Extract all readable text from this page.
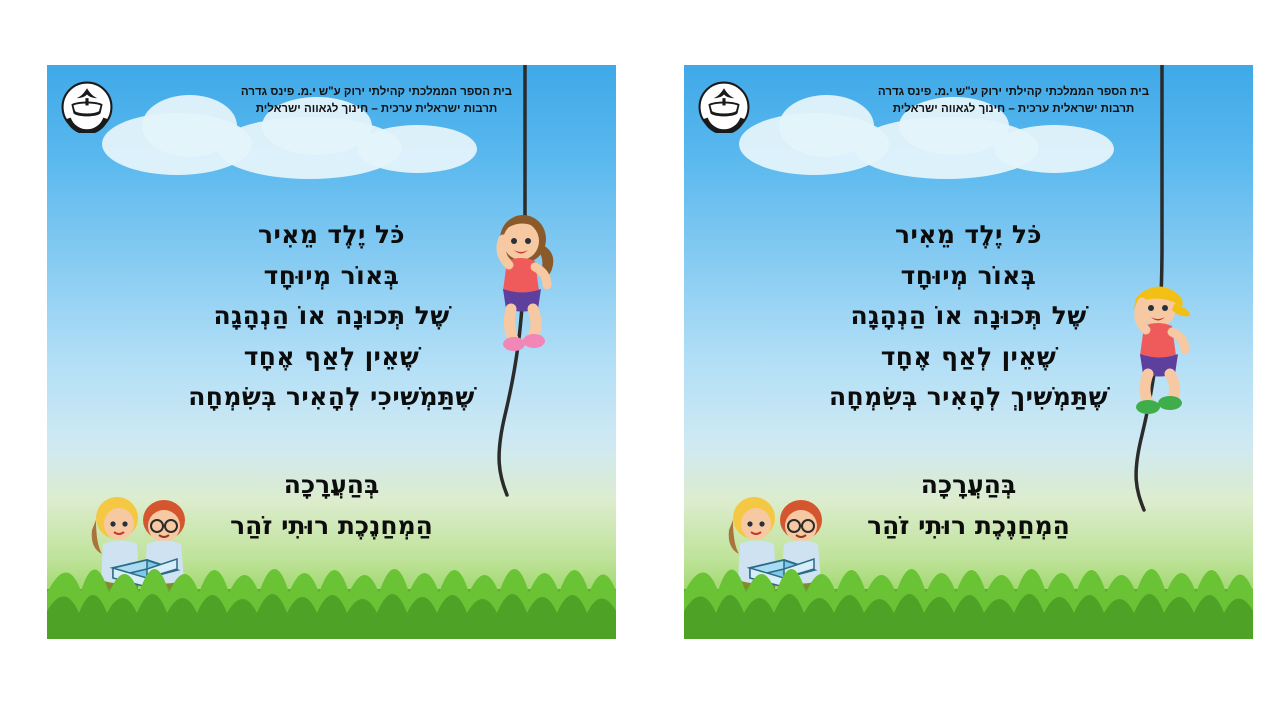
בית הספר הממלכתי קהילתי ירוק ע"ש י.מ. פינס גדרה
תרבות ישראלית ערכית – חינוך לגאווה ישראלית
פינס
כֹּל יֶלֶד מֵאִיר
בְּאוֹר מְיוּחָד
שֶׁל תְּכוּנָה אוֹ הַנְהָגָה
שֶׁאֵין לְאַף אֶחָד
שֶׁתַּמְשִׁיכִי לְהָאִיר בְּשִׂמְחָה
בְּהַעֲרָכָה
הַמְחַנֶכֶת רוּתִי זֹהַר
בית הספר הממלכתי קהילתי ירוק ע"ש י.מ. פינס גדרה
תרבות ישראלית ערכית – חינוך לגאווה ישראלית
פינס
כֹּל יֶלֶד מֵאִיר
בְּאוֹר מְיוּחָד
שֶׁל תְּכוּנָה אוֹ הַנְהָגָה
שֶׁאֵין לְאַף אֶחָד
שֶׁתַּמְשִׁיךְ לְהָאִיר בְּשִׂמְחָה
בְּהַעֲרָכָה
הַמְחַנֶכֶת רוּתִי זֹהַר
